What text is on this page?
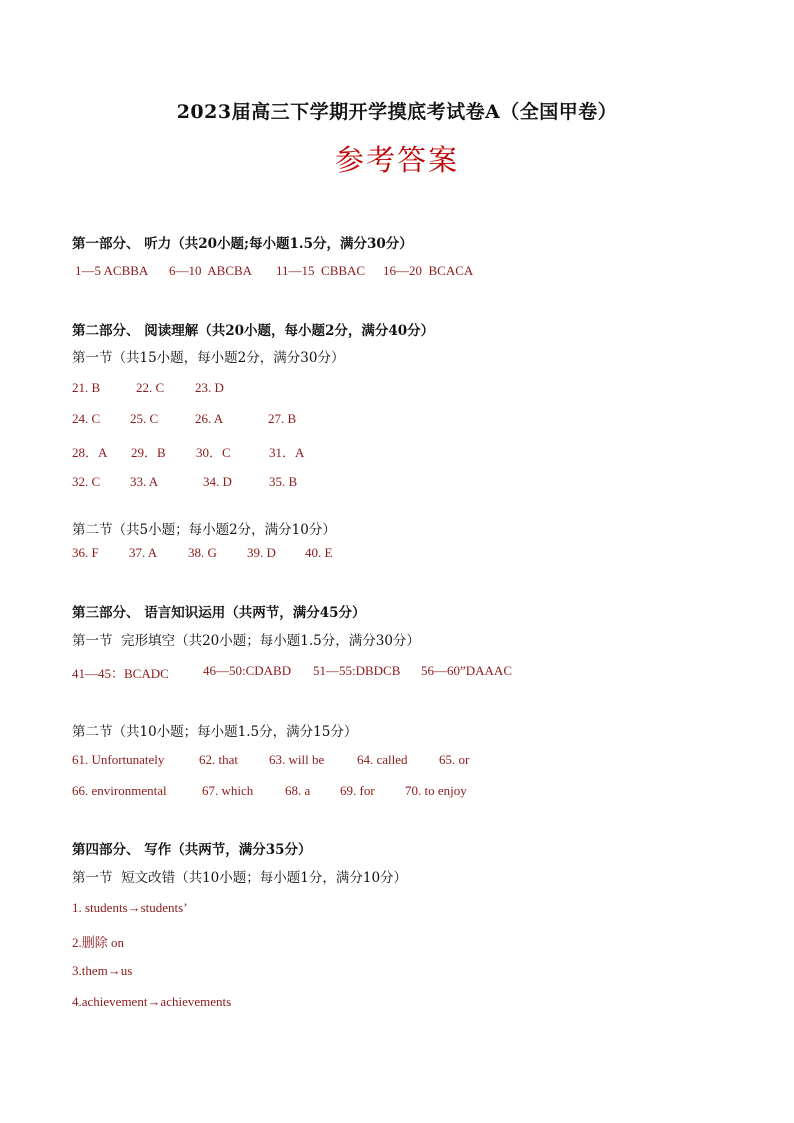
2023届高三下学期开学摸底考试卷A（全国甲卷）
参考答案
第一部分、 听力（共20小题;每小题1.5分，满分30分）
1—5 ACBBA 6—10  ABCBA 11—15  CBBAC 16—20  BCACA
第二部分、 阅读理解（共20小题，每小题2分，满分40分）
第一节（共15小题，每小题2分，满分30分）
21. B	22. C 23. D
24. C 25. C	26. A	27. B
28．A 29．B 30．C	31．A
32. C 33. A	34. D	35. B
第二节（共5小题；每小题2分，满分10分）
36. F 37. A 38. G 39. D 40. E
第三部分、 语言知识运用（共两节，满分45分）
第一节  完形填空（共20小题；每小题1.5分，满分30分）
41—45：BCADC	46—50:CDABD 51—55:DBDCB 56—60”DAAAC
第二节（共10小题；每小题1.5分，满分15分）
61. Unfortunately	62. that 63. will be	64. called 65. or
66. environmental	67. which 68. a 69. for 70. to enjoy
第四部分、 写作（共两节，满分35分）
第一节  短文改错（共10小题；每小题1分，满分10分）
1. students→students’
2.删除 on
3.them→us
4.achievement→achievements
